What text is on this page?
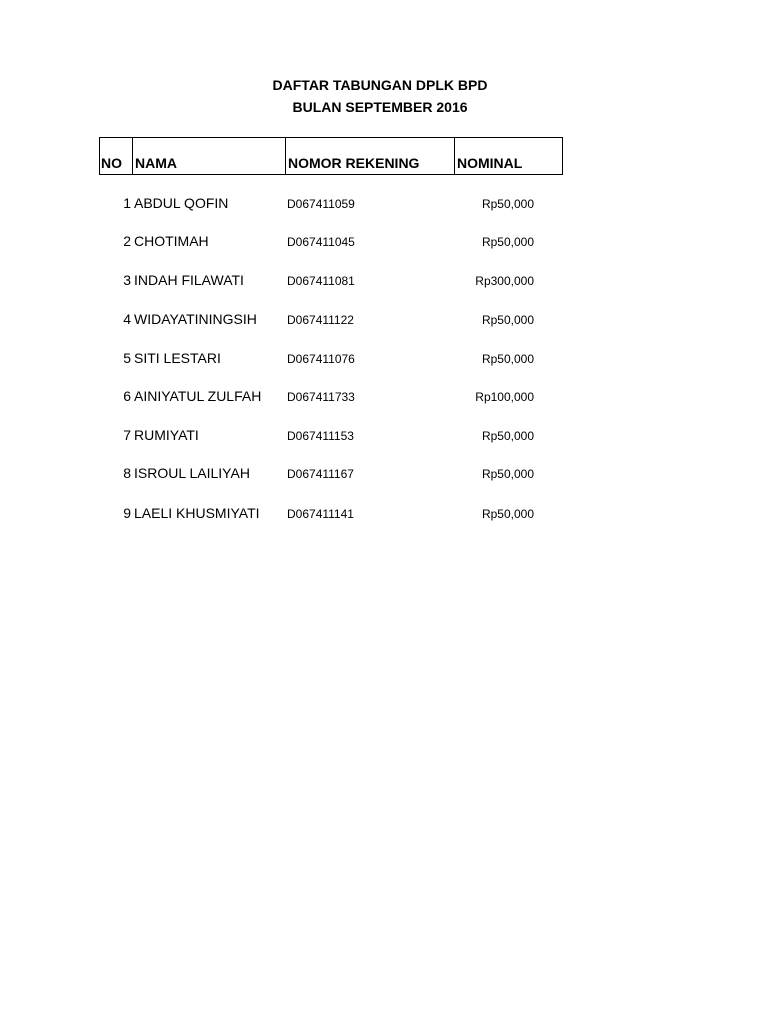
DAFTAR TABUNGAN DPLK BPD
BULAN SEPTEMBER 2016
NO NAMA	NOMOR REKENING	NOMINAL
1 ABDUL QOFIN	D067411059	Rp50,000
2 CHOTIMAH	D067411045	Rp50,000
3 INDAH FILAWATI	D067411081	Rp300,000
4 WIDAYATININGSIH	D067411122	Rp50,000
5 SITI LESTARI	D067411076	Rp50,000
6 AINIYATUL ZULFAH D067411733	Rp100,000
7 RUMIYATI	D067411153	Rp50,000
8 ISROUL LAILIYAH	D067411167	Rp50,000
9 LAELI KHUSMIYATI D067411141	Rp50,000
